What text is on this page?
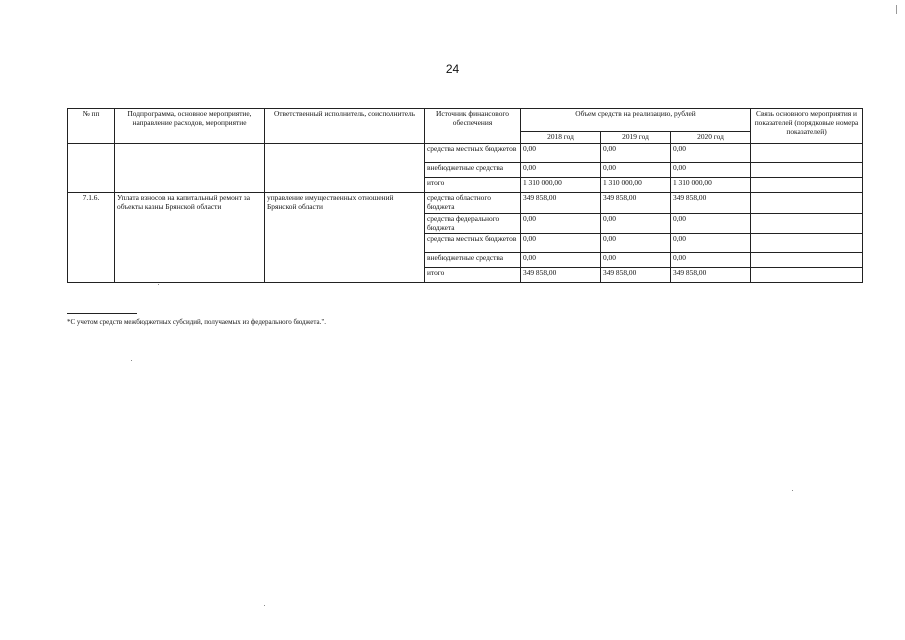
24
№ пп	Подпрограмма, основное мероприятие, направление расходов, мероприятие	Ответственный исполнитель, соисполнитель	Источник финансового обеспечения	Объем средств на реализацию, рублей			Связь основного мероприятия и показателей (порядковые номера показателей)
				2018 год	2019 год	2020 год	
			средства местных бюджетов	0,00	0,00	0,00	
			внебюджетные средства	0,00	0,00	0,00	
			итого	1 310 000,00	1 310 000,00	1 310 000,00	
7.1.6.	Уплата взносов на капитальный ремонт за объекты казны Брянской области	управление имущественных отношений Брянской области	средства областного бюджета	349 858,00	349 858,00	349 858,00	
			средства федерального бюджета	0,00	0,00	0,00	
			средства местных бюджетов	0,00	0,00	0,00	
			внебюджетные средства	0,00	0,00	0,00	
			итого	349 858,00	349 858,00	349 858,00	
*С учетом средств межбюджетных субсидий, получаемых из федерального бюджета.".
